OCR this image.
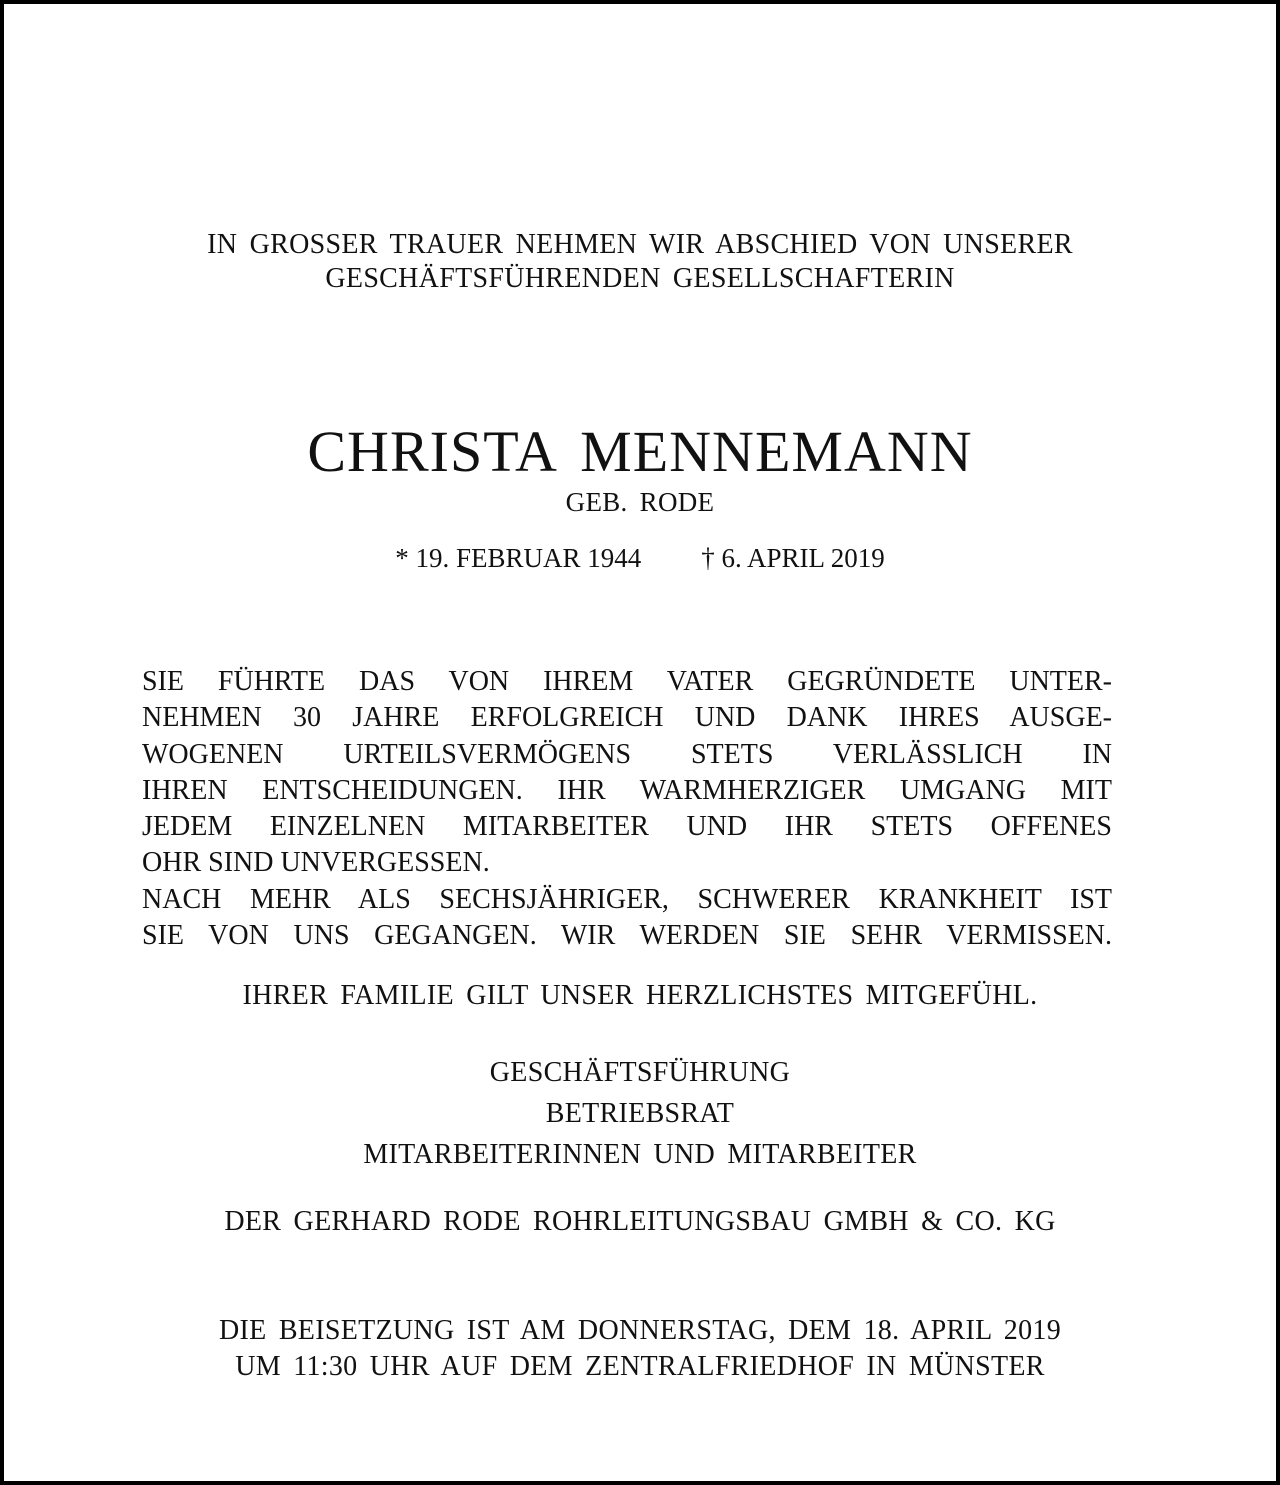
IN GROSSER TRAUER NEHMEN WIR ABSCHIED VON UNSERER
GESCHÄFTSFÜHRENDEN GESELLSCHAFTERIN
CHRISTA MENNEMANN
GEB. RODE
* 19. FEBRUAR 1944 † 6. APRIL 2019
SIE FÜHRTE DAS VON IHREM VATER GEGRÜNDETE UNTER-
NEHMEN 30 JAHRE ERFOLGREICH UND DANK IHRES AUSGE-
WOGENEN URTEILSVERMÖGENS STETS VERLÄSSLICH IN
IHREN ENTSCHEIDUNGEN. IHR WARMHERZIGER UMGANG MIT
JEDEM EINZELNEN MITARBEITER UND IHR STETS OFFENES
OHR SIND UNVERGESSEN.
NACH MEHR ALS SECHSJÄHRIGER, SCHWERER KRANKHEIT IST
SIE VON UNS GEGANGEN. WIR WERDEN SIE SEHR VERMISSEN.
IHRER FAMILIE GILT UNSER HERZLICHSTES MITGEFÜHL.
GESCHÄFTSFÜHRUNG
BETRIEBSRAT
MITARBEITERINNEN UND MITARBEITER
DER GERHARD RODE ROHRLEITUNGSBAU GMBH & CO. KG
DIE BEISETZUNG IST AM DONNERSTAG, DEM 18. APRIL 2019
UM 11:30 UHR AUF DEM ZENTRALFRIEDHOF IN MÜNSTER
